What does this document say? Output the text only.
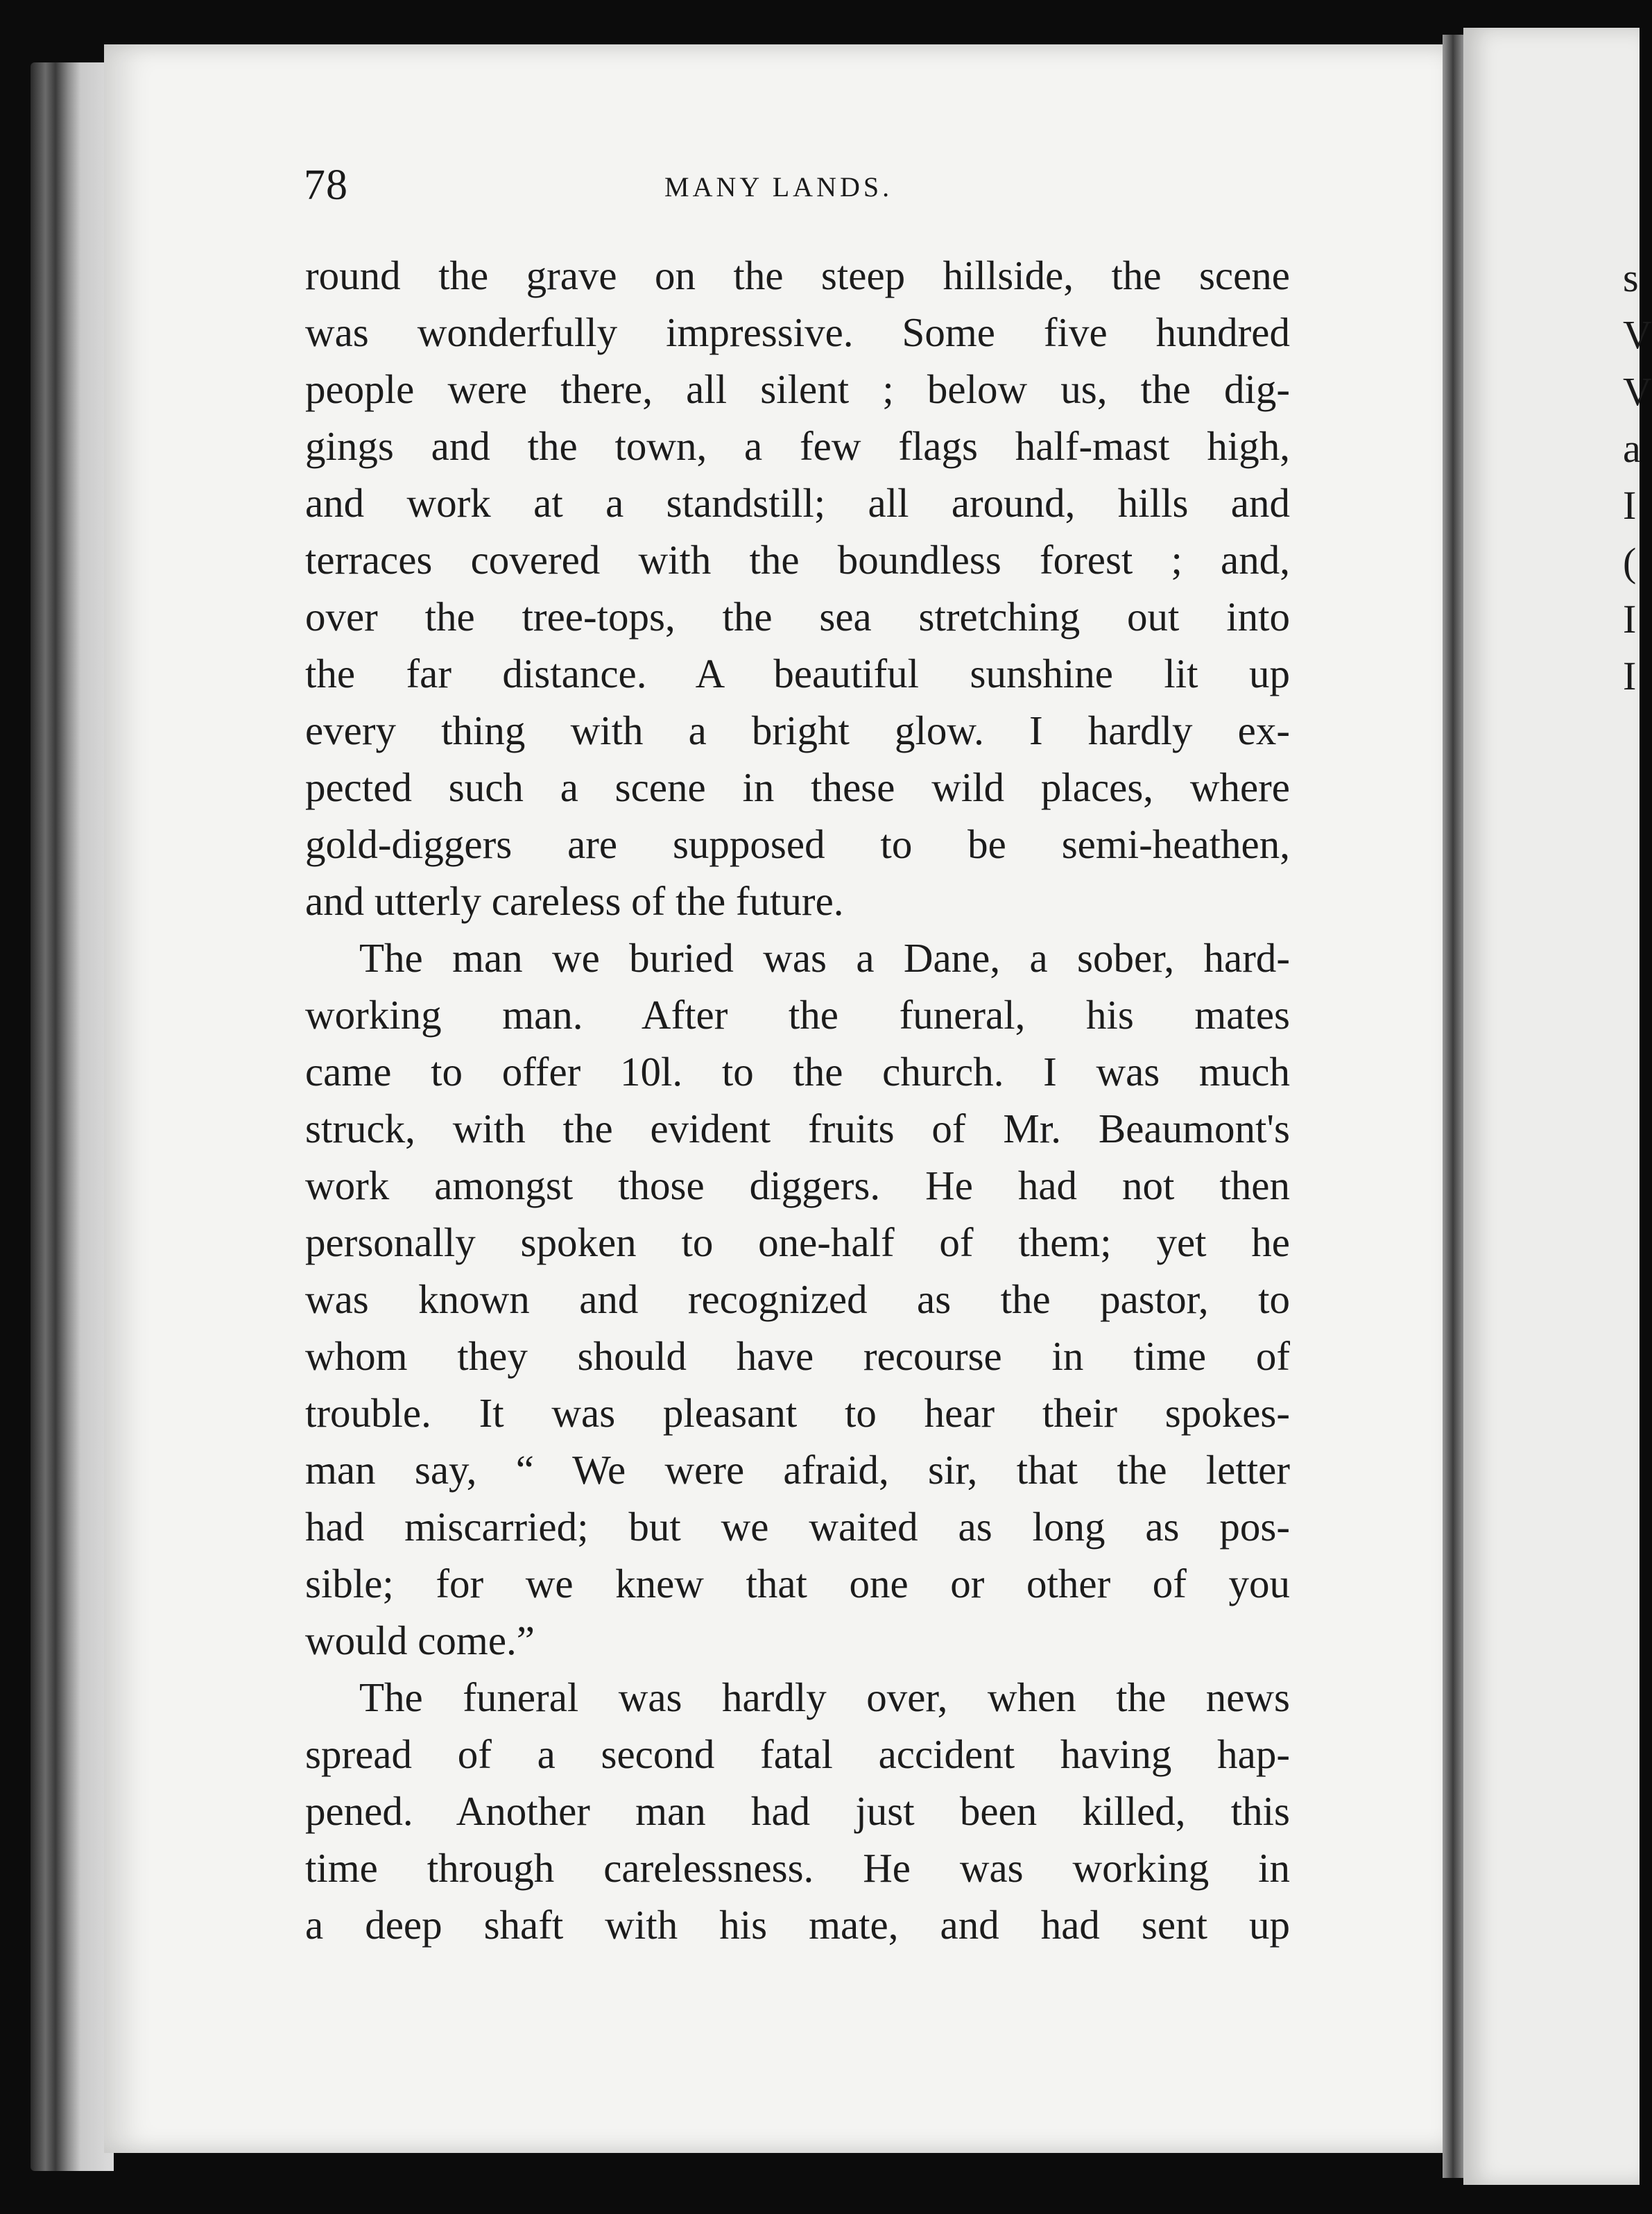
s
V
V
a
I
(
I
I
78	MANY LANDS.
round the grave on the steep hillside, the scene
was wonderfully impressive. Some five hundred
people were there, all silent ; below us, the dig-
gings and the town, a few flags half-mast high,
and work at a standstill; all around, hills and
terraces covered with the boundless forest ; and,
over the tree-tops, the sea stretching out into
the far distance. A beautiful sunshine lit up
every thing with a bright glow. I hardly ex-
pected such a scene in these wild places, where
gold-diggers are supposed to be semi-heathen,
and utterly careless of the future.
The man we buried was a Dane, a sober, hard-
working man. After the funeral, his mates
came to offer 10l. to the church. I was much
struck, with the evident fruits of Mr. Beaumont's
work amongst those diggers. He had not then
personally spoken to one-half of them; yet he
was known and recognized as the pastor, to
whom they should have recourse in time of
trouble. It was pleasant to hear their spokes-
man say, “ We were afraid, sir, that the letter
had miscarried; but we waited as long as pos-
sible; for we knew that one or other of you
would come.”
The funeral was hardly over, when the news
spread of a second fatal accident having hap-
pened. Another man had just been killed, this
time through carelessness. He was working in
a deep shaft with his mate, and had sent up
